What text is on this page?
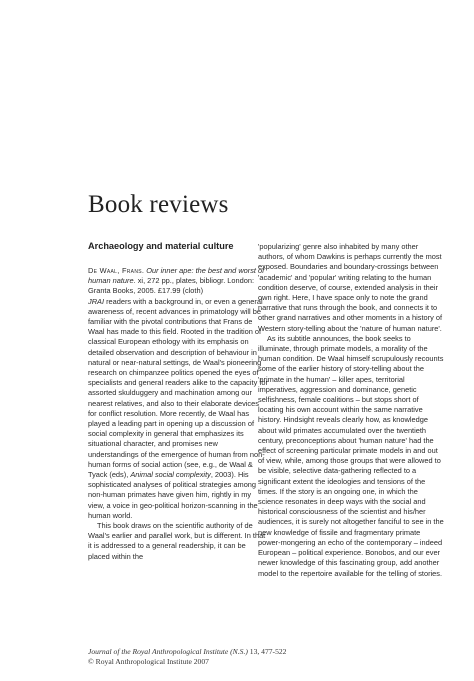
Book reviews
Archaeology and material culture

De Waal, Frans. Our inner ape: the best and worst of human nature. xi, 272 pp., plates, bibliogr. London: Granta Books, 2005. £17.99 (cloth)

JRAI readers with a background in, or even a general awareness of, recent advances in primatology will be familiar with the pivotal contributions that Frans de Waal has made to this field. Rooted in the tradition of classical European ethology with its emphasis on detailed observation and description of behaviour in natural or near-natural settings, de Waal's pioneering research on chimpanzee politics opened the eyes of specialists and general readers alike to the capacity for assorted skulduggery and machination among our nearest relatives, and also to their elaborate devices for conflict resolution. More recently, de Waal has played a leading part in opening up a discussion of social complexity in general that emphasizes its situational character, and promises new understandings of the emergence of human from non-human forms of social action (see, e.g., de Waal & Tyack (eds), Animal social complexity, 2003). His sophisticated analyses of political strategies among non-human primates have given him, rightly in my view, a voice in geo-political horizon-scanning in the human world.

This book draws on the scientific authority of de Waal's earlier and parallel work, but is different. In that it is addressed to a general readership, it can be placed within the

'popularizing' genre also inhabited by many other authors, of whom Dawkins is perhaps currently the most exposed. Boundaries and boundary-crossings between 'academic' and 'popular' writing relating to the human condition deserve, of course, extended analysis in their own right. Here, I have space only to note the grand narrative that runs through the book, and connects it to other grand narratives and other moments in a history of Western story-telling about the 'nature of human nature'.

As its subtitle announces, the book seeks to illuminate, through primate models, a morality of the human condition. De Waal himself scrupulously recounts some of the earlier history of story-telling about the 'primate in the human' – killer apes, territorial imperatives, aggression and dominance, genetic selfishness, female coalitions – but stops short of locating his own account within the same narrative history. Hindsight reveals clearly how, as knowledge about wild primates accumulated over the twentieth century, preconceptions about 'human nature' had the effect of screening particular primate models in and out of view, while, among those groups that were allowed to be visible, selective data-gathering reflected to a significant extent the ideologies and tensions of the times. If the story is an ongoing one, in which the science resonates in deep ways with the social and historical consciousness of the scientist and his/her audiences, it is surely not altogether fanciful to see in the new knowledge of fissile and fragmentary primate power-mongering an echo of the contemporary – indeed European – political experience. Bonobos, and our ever newer knowledge of this fascinating group, add another model to the repertoire available for the telling of stories.

Journal of the Royal Anthropological Institute (N.S.) 13, 477-522
© Royal Anthropological Institute 2007
